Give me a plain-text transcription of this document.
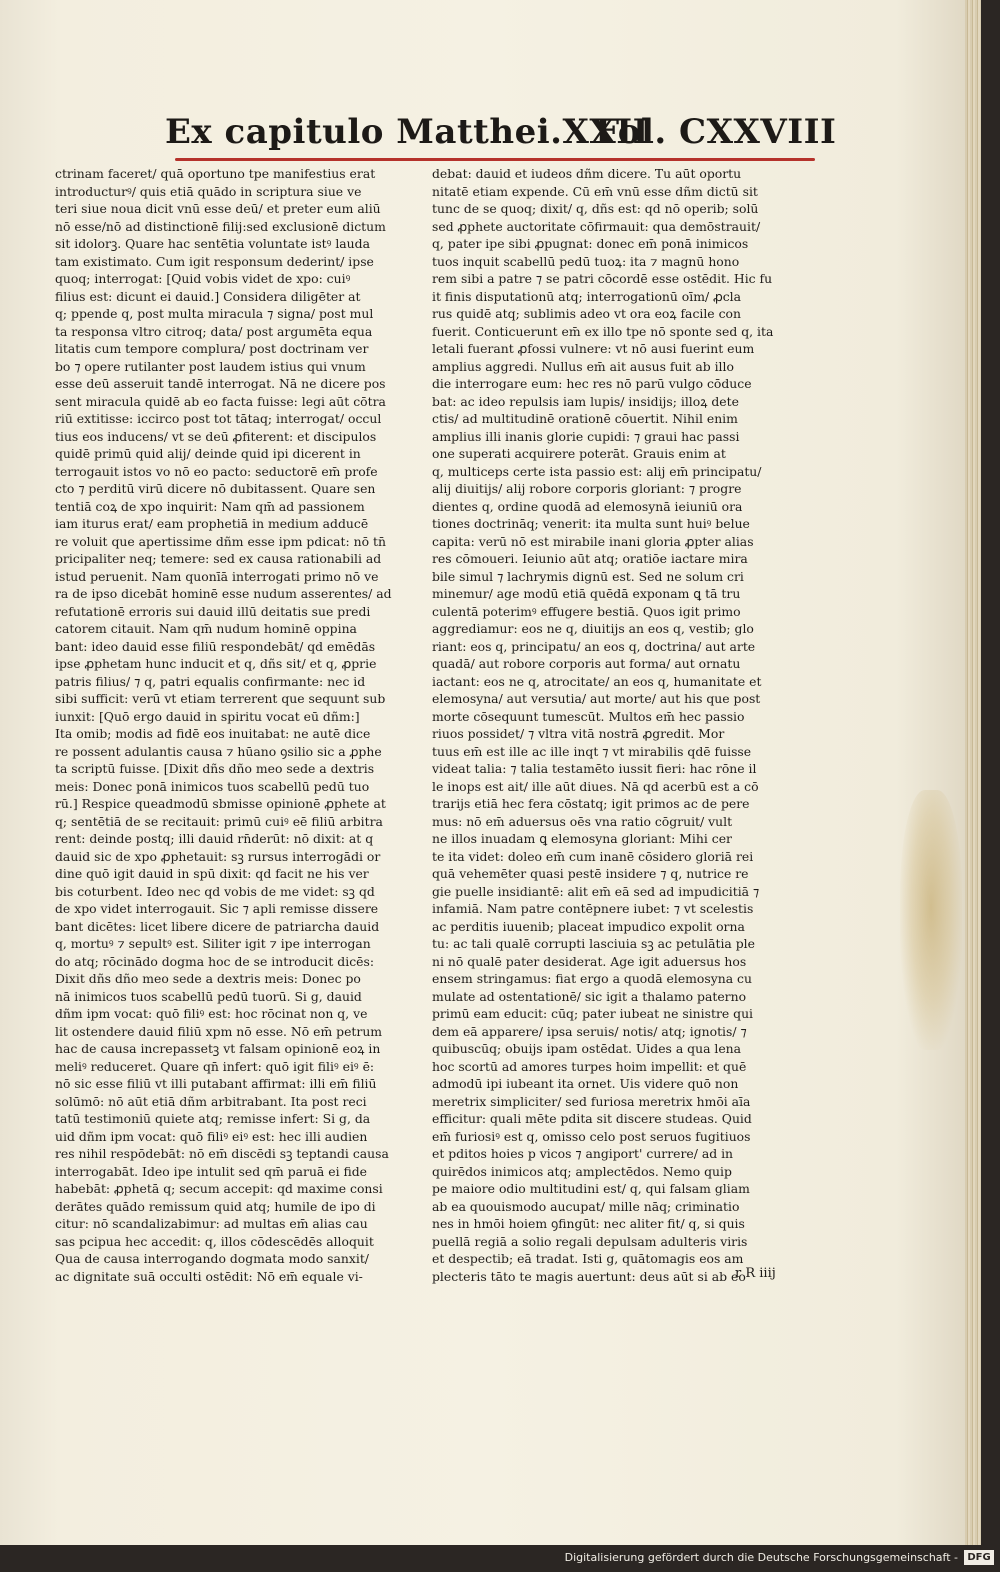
Ex capitulo Matthei.XXII
Fol. CXXVIII
ctrinam faceret/ quā oportuno tpe manifestius erat
introducturꝰ/ quis etiā quādo in scriptura siue ve
teri siue noua dicit vnū esse deū/ et preter eum aliū
nō esse/nō ad distinctionē filij:sed exclusionē dictum
sit idolorꝫ. Quare hac sentētia voluntate istꝰ lauda
tam existimato. Cum igit responsum dederint/ ipse
quoq; interrogat: [Quid vobis videt de xpo: cuiꝰ
filius est: dicunt ei dauid.] Considera diligēter at
q; ppende q, post multa miracula ⁊ signa/ post mul
ta responsa vltro citroq; data/ post argumēta equa
litatis cum tempore complura/ post doctrinam ver
bo ⁊ opere rutilanter post laudem istius qui vnum
esse deū asseruit tandē interrogat. Nā ne dicere pos
sent miracula quidē ab eo facta fuisse: legi aūt cōtra
riū extitisse: iccirco post tot tātaq; interrogat/ occul
tius eos inducens/ vt se deū ꝓfiterent: et discipulos
quidē primū quid alij/ deinde quid ipi dicerent in
terrogauit istos vo nō eo pacto: seductorē em̄ profe
cto ⁊ perditū virū dicere nō dubitassent. Quare sen
tentiā coꝝ de xpo inquirit: Nam qm̄ ad passionem
iam iturus erat/ eam prophetiā in medium adducē
re voluit que apertissime dñm esse ipm pdicat: nō tn̄
pricipaliter neq; temere: sed ex causa rationabili ad
istud peruenit. Nam quonīā interrogati primo nō ve
ra de ipso dicebāt hominē esse nudum asserentes/ ad
refutationē erroris sui dauid illū deitatis sue predi
catorem citauit. Nam qm̄ nudum hominē oppina
bant: ideo dauid esse filiū respondebāt/ qd emēdās
ipse ꝓphetam hunc inducit et q, dñs sit/ et q, ꝓprie
patris filius/ ⁊ q, patri equalis confirmante: nec id
sibi sufficit: verū vt etiam terrerent que sequunt sub
iunxit: [Quō ergo dauid in spiritu vocat eū dñm:]
Ita omib; modis ad fidē eos inuitabat: ne autē dice
re possent adulantis causa ⁊ hūano ꝯsilio sic a ꝓphe
ta scriptū fuisse. [Dixit dñs dño meo sede a dextris
meis: Donec ponā inimicos tuos scabellū pedū tuo
rū.] Respice queadmodū sbmisse opinionē ꝓphete at
q; sentētiā de se recitauit: primū cuiꝰ eē filiū arbitra
rent: deinde postq; illi dauid rn̄derūt: nō dixit: at q
dauid sic de xpo ꝓphetauit: sꝫ rursus interrogādi or
dine quō igit dauid in spū dixit: qd facit ne his ver
bis coturbent. Ideo nec qd vobis de me videt: sꝫ qd
de xpo videt interrogauit. Sic ⁊ apli remisse dissere
bant dicētes: licet libere dicere de patriarcha dauid
q, mortuꝰ ⁊ sepultꝰ est. Siliter igit ⁊ ipe interrogan
do atq; rōcinādo dogma hoc de se introducit dicēs:
Dixit dñs dño meo sede a dextris meis: Donec po
nā inimicos tuos scabellū pedū tuorū. Si g, dauid
dñm ipm vocat: quō filiꝰ est: hoc rōcinat non q, ve
lit ostendere dauid filiū xpm nō esse. Nō em̄ petrum
hac de causa increpassetꝫ vt falsam opinionē eoꝝ in
meliꝰ reduceret. Quare qn̄ infert: quō igit filiꝰ eiꝰ ē:
nō sic esse filiū vt illi putabant affirmat: illi em̄ filiū
solūmō: nō aūt etiā dñm arbitrabant. Ita post reci
tatū testimoniū quiete atq; remisse infert: Si g, da
uid dñm ipm vocat: quō filiꝰ eiꝰ est: hec illi audien
res nihil respōdebāt: nō em̄ discēdi sꝫ teptandi causa
interrogabāt. Ideo ipe intulit sed qm̄ paruā ei fide
habebāt: ꝓphetā q; secum accepit: qd maxime consi
derātes quādo remissum quid atq; humile de ipo di
citur: nō scandalizabimur: ad multas em̄ alias cau
sas pcipua hec accedit: q, illos cōdescēdēs alloquit
Qua de causa interrogando dogmata modo sanxit/
ac dignitate suā occulti ostēdit: Nō em̄ equale vi-
debat: dauid et iudeos dñm dicere. Tu aūt oportu
nitatē etiam expende. Cū em̄ vnū esse dñm dictū sit
tunc de se quoq; dixit/ q, dñs est: qd nō operib; solū
sed ꝓphete auctoritate cōfirmauit: qua demōstrauit/
q, pater ipe sibi ꝓpugnat: donec em̄ ponā inimicos
tuos inquit scabellū pedū tuoꝝ: ita ⁊ magnū hono
rem sibi a patre ⁊ se patri cōcordē esse ostēdit. Hic fu
it finis disputationū atq; interrogationū oīm/ ꝓcla
rus quidē atq; sublimis adeo vt ora eoꝝ facile con
fuerit. Conticuerunt em̄ ex illo tpe nō sponte sed q, ita
letali fuerant ꝓfossi vulnere: vt nō ausi fuerint eum
amplius aggredi. Nullus em̄ ait ausus fuit ab illo
die interrogare eum: hec res nō parū vulgo cōduce
bat: ac ideo repulsis iam lupis/ insidijs; illoꝝ dete
ctis/ ad multitudinē orationē cōuertit. Nihil enim
amplius illi inanis glorie cupidi: ⁊ graui hac passi
one superati acquirere poterāt. Grauis enim at
q, multiceps certe ista passio est: alij em̄ principatu/
alij diuitijs/ alij robore corporis gloriant: ⁊ progre
dientes q, ordine quodā ad elemosynā ieiuniū ora
tiones doctrināq; venerit: ita multa sunt huiꝰ belue
capita: verū nō est mirabile inani gloria ꝓpter alias
res cōmoueri. Ieiunio aūt atq; oratiōe iactare mira
bile simul ⁊ lachrymis dignū est. Sed ne solum cri
minemur/ age modū etiā quēdā exponam ꝗ tā tru
culentā poterimꝰ effugere bestiā. Quos igit primo
aggrediamur: eos ne q, diuitijs an eos q, vestib; glo
riant: eos q, principatu/ an eos q, doctrina/ aut arte
quadā/ aut robore corporis aut forma/ aut ornatu
iactant: eos ne q, atrocitate/ an eos q, humanitate et
elemosyna/ aut versutia/ aut morte/ aut his que post
morte cōsequunt tumescūt. Multos em̄ hec passio
riuos possidet/ ⁊ vltra vitā nostrā ꝓgredit. Mor
tuus em̄ est ille ac ille inqt ⁊ vt mirabilis qdē fuisse
videat talia: ⁊ talia testamēto iussit fieri: hac rōne il
le inops est ait/ ille aūt diues. Nā qd acerbū est a cō
trarijs etiā hec fera cōstatq; igit primos ac de pere
mus: nō em̄ aduersus oēs vna ratio cōgruit/ vult
ne illos inuadam ꝗ elemosyna gloriant: Mihi cer
te ita videt: doleo em̄ cum inanē cōsidero gloriā rei
quā vehemēter quasi pestē insidere ⁊ q, nutrice re
gie puelle insidiantē: alit em̄ eā sed ad impudicitiā ⁊
infamiā. Nam patre contēpnere iubet: ⁊ vt scelestis
ac perditis iuuenib; placeat impudico expolit orna
tu: ac tali qualē corrupti lasciuia sꝫ ac petulātia ple
ni nō qualē pater desiderat. Age igit aduersus hos
ensem stringamus: fiat ergo a quodā elemosyna cu
mulate ad ostentationē/ sic igit a thalamo paterno
primū eam educit: cūq; pater iubeat ne sinistre qui
dem eā apparere/ ipsa seruis/ notis/ atq; ignotis/ ⁊
quibuscūq; obuijs ipam ostēdat. Uides a qua lena
hoc scortū ad amores turpes hoim impellit: et quē
admodū ipi iubeant ita ornet. Uis videre quō non
meretrix simpliciter/ sed furiosa meretrix hmōi aīa
efficitur: quali mēte pdita sit discere studeas. Quid
em̄ furiosiꝰ est q, omisso celo post seruos fugitiuos
et pditos hoies p vicos ⁊ angiport' currere/ ad in
quirēdos inimicos atq; amplectēdos. Nemo quip
pe maiore odio multitudini est/ q, qui falsam gliam
ab ea quouismodo aucupat/ mille nāq; criminatio
nes in hmōi hoiem ꝯfingūt: nec aliter fit/ q, si quis
puellā regiā a solio regali depulsam adulteris viris
et despectib; eā tradat. Isti g, quātomagis eos am
plecteris tāto te magis auertunt: deus aūt si ab eo
r R iiij
Digitalisierung gefördert durch die Deutsche Forschungsgemeinschaft - DFG
